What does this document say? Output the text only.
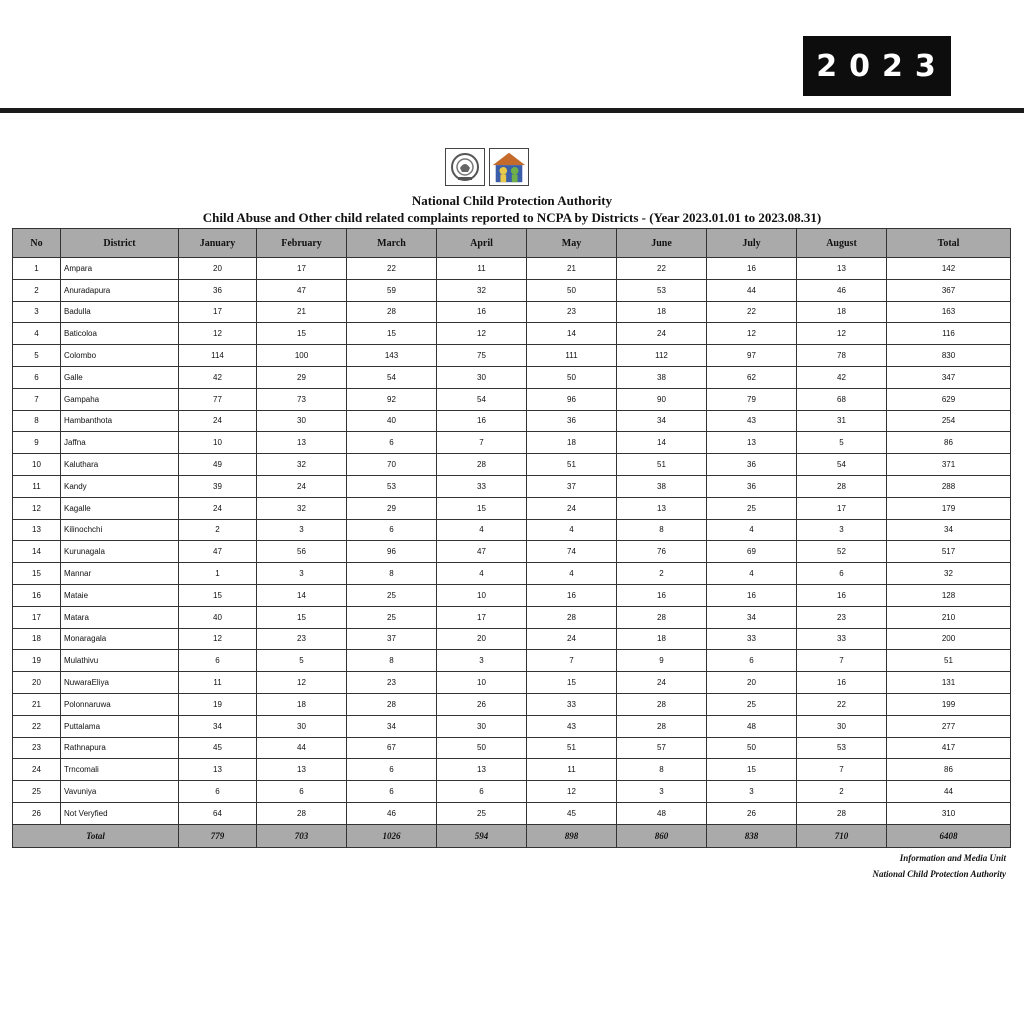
2023
National Child Protection Authority
Child Abuse and Other child related complaints reported to NCPA by Districts - (Year 2023.01.01 to 2023.08.31)
No	District	January	February	March	April	May	June	July	August	Total
1	Ampara	20	17	22	11	21	22	16	13	142
2	Anuradapura	36	47	59	32	50	53	44	46	367
3	Badulla	17	21	28	16	23	18	22	18	163
4	Baticoloa	12	15	15	12	14	24	12	12	116
5	Colombo	114	100	143	75	111	112	97	78	830
6	Galle	42	29	54	30	50	38	62	42	347
7	Gampaha	77	73	92	54	96	90	79	68	629
8	Hambanthota	24	30	40	16	36	34	43	31	254
9	Jaffna	10	13	6	7	18	14	13	5	86
10	Kaluthara	49	32	70	28	51	51	36	54	371
11	Kandy	39	24	53	33	37	38	36	28	288
12	Kagalle	24	32	29	15	24	13	25	17	179
13	Kilinochchi	2	3	6	4	4	8	4	3	34
14	Kurunagala	47	56	96	47	74	76	69	52	517
15	Mannar	1	3	8	4	4	2	4	6	32
16	Mataie	15	14	25	10	16	16	16	16	128
17	Matara	40	15	25	17	28	28	34	23	210
18	Monaragala	12	23	37	20	24	18	33	33	200
19	Mulathivu	6	5	8	3	7	9	6	7	51
20	NuwaraEliya	11	12	23	10	15	24	20	16	131
21	Polonnaruwa	19	18	28	26	33	28	25	22	199
22	Puttalama	34	30	34	30	43	28	48	30	277
23	Rathnapura	45	44	67	50	51	57	50	53	417
24	Trncomali	13	13	6	13	11	8	15	7	86
25	Vavuniya	6	6	6	6	12	3	3	2	44
26	Not Veryfied	64	28	46	25	45	48	26	28	310
Total		779	703	1026	594	898	860	838	710	6408
Information and Media Unit
National Child Protection Authority
